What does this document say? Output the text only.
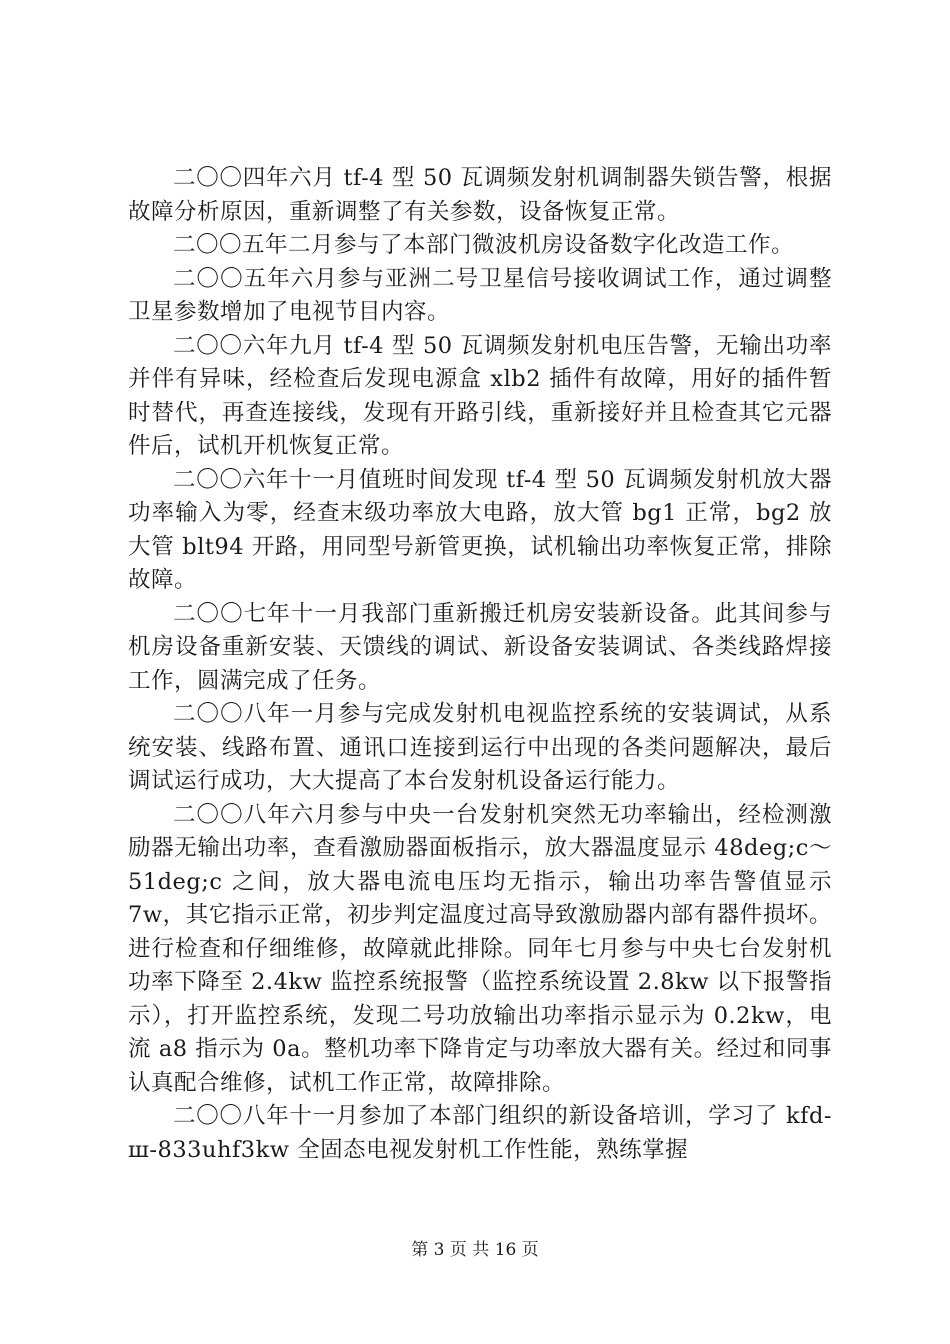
二〇〇四年六月 tf-4 型 50 瓦调频发射机调制器失锁告警，根据故障分析原因，重新调整了有关参数，设备恢复正常。

二〇〇五年二月参与了本部门微波机房设备数字化改造工作。

二〇〇五年六月参与亚洲二号卫星信号接收调试工作，通过调整卫星参数增加了电视节目内容。

二〇〇六年九月 tf-4 型 50 瓦调频发射机电压告警，无输出功率并伴有异味，经检查后发现电源盒 xlb2 插件有故障，用好的插件暂时替代，再查连接线，发现有开路引线，重新接好并且检查其它元器件后，试机开机恢复正常。

二〇〇六年十一月值班时间发现 tf-4 型 50 瓦调频发射机放大器功率输入为零，经查末级功率放大电路，放大管 bg1 正常，bg2 放大管 blt94 开路，用同型号新管更换，试机输出功率恢复正常，排除故障。

二〇〇七年十一月我部门重新搬迁机房安装新设备。此其间参与机房设备重新安装、天馈线的调试、新设备安装调试、各类线路焊接工作，圆满完成了任务。

二〇〇八年一月参与完成发射机电视监控系统的安装调试，从系统安装、线路布置、通讯口连接到运行中出现的各类问题解决，最后调试运行成功，大大提高了本台发射机设备运行能力。

二〇〇八年六月参与中央一台发射机突然无功率输出，经检测激励器无输出功率，查看激励器面板指示，放大器温度显示 48deg;c～51deg;c 之间，放大器电流电压均无指示，输出功率告警值显示 7w，其它指示正常，初步判定温度过高导致激励器内部有器件损坏。进行检查和仔细维修，故障就此排除。同年七月参与中央七台发射机功率下降至 2.4kw 监控系统报警（监控系统设置 2.8kw 以下报警指示），打开监控系统，发现二号功放输出功率指示显示为 0.2kw，电流 a8 指示为 0a。整机功率下降肯定与功率放大器有关。经过和同事认真配合维修，试机工作正常，故障排除。

二〇〇八年十一月参加了本部门组织的新设备培训，学习了 kfd-ш-833uhf3kw 全固态电视发射机工作性能，熟练掌握

第 3 页 共 16 页
